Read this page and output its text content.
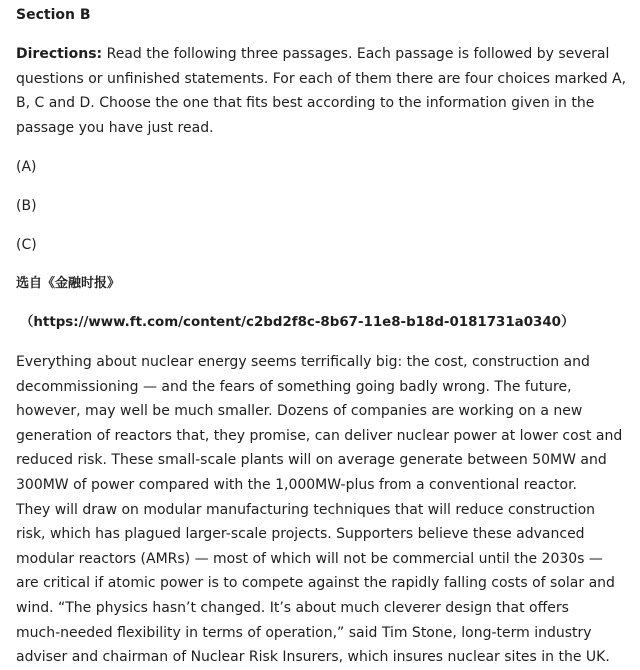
Section B
Directions: Read the following three passages. Each passage is followed by several questions or unfinished statements. For each of them there are four choices marked A, B, C and D. Choose the one that fits best according to the information given in the passage you have just read.
(A)
(B)
(C)
选自《金融时报》
（https://www.ft.com/content/c2bd2f8c-8b67-11e8-b18d-0181731a0340）
Everything about nuclear energy seems terrifically big: the cost, construction and
decommissioning — and the fears of something going badly wrong. The future,
however, may well be much smaller. Dozens of companies are working on a new
generation of reactors that, they promise, can deliver nuclear power at lower cost and
reduced risk. These small-scale plants will on average generate between 50MW and
300MW of power compared with the 1,000MW-plus from a conventional reactor.
They will draw on modular manufacturing techniques that will reduce construction
risk, which has plagued larger-scale projects. Supporters believe these advanced
modular reactors (AMRs) — most of which will not be commercial until the 2030s —
are critical if atomic power is to compete against the rapidly falling costs of solar and
wind. “The physics hasn’t changed. It’s about much cleverer design that offers
much-needed flexibility in terms of operation,” said Tim Stone, long-term industry
adviser and chairman of Nuclear Risk Insurers, which insures nuclear sites in the UK.
